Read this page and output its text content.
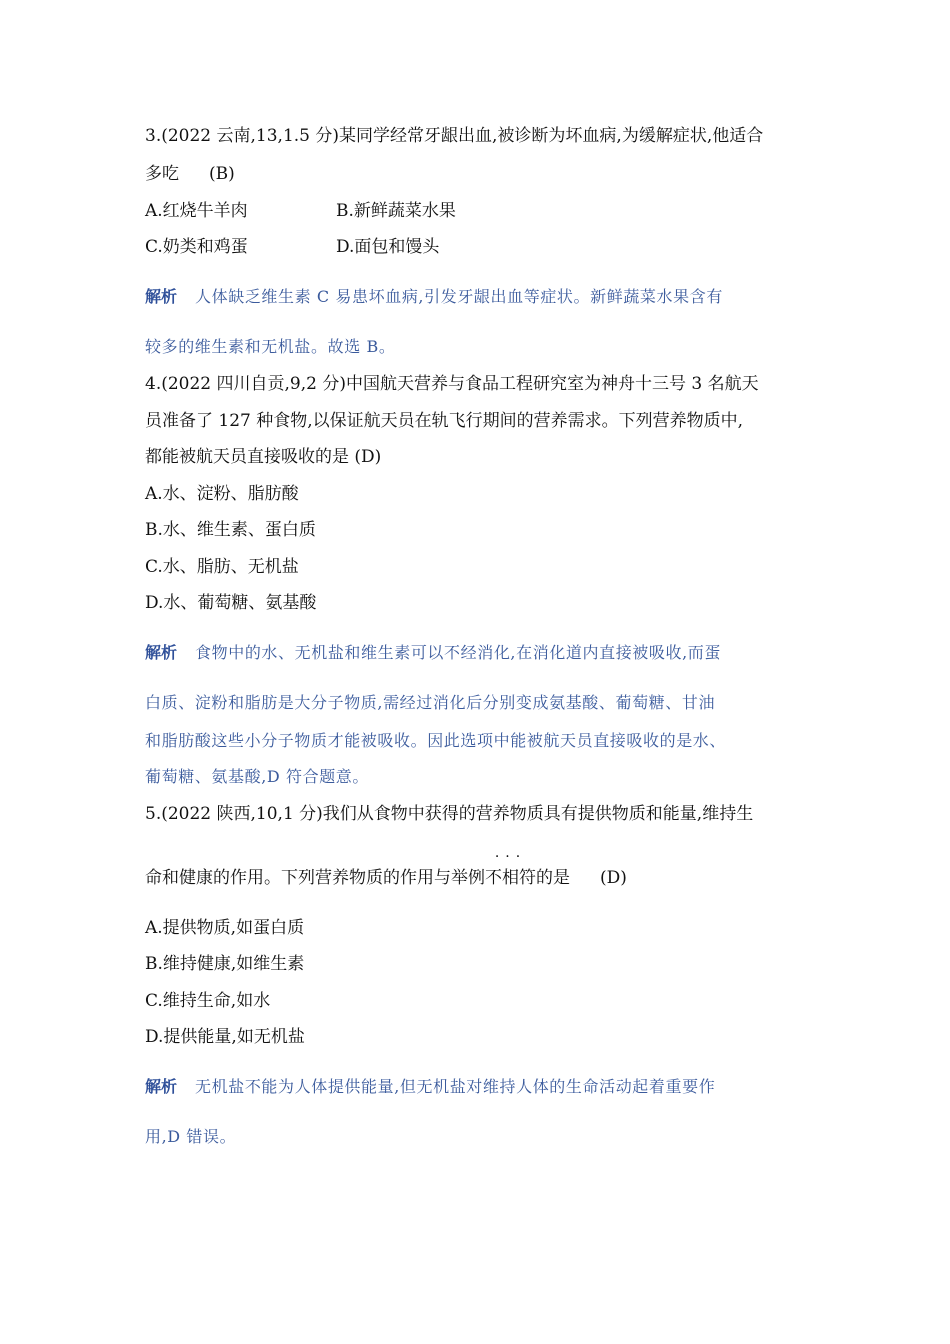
3.(2022 云南,13,1.5 分)某同学经常牙龈出血,被诊断为坏血病,为缓解症状,他适合
多吃 (B)
A.红烧牛羊肉	B.新鲜蔬菜水果
C.奶类和鸡蛋	D.面包和馒头
解析 人体缺乏维生素 C 易患坏血病,引发牙龈出血等症状。新鲜蔬菜水果含有
较多的维生素和无机盐。故选 B。
4.(2022 四川自贡,9,2 分)中国航天营养与食品工程研究室为神舟十三号 3 名航天
员准备了 127 种食物,以保证航天员在轨飞行期间的营养需求。下列营养物质中,
都能被航天员直接吸收的是 (D)
A.水、淀粉、脂肪酸
B.水、维生素、蛋白质
C.水、脂肪、无机盐
D.水、葡萄糖、氨基酸
解析 食物中的水、无机盐和维生素可以不经消化,在消化道内直接被吸收,而蛋
白质、淀粉和脂肪是大分子物质,需经过消化后分别变成氨基酸、葡萄糖、甘油
和脂肪酸这些小分子物质才能被吸收。因此选项中能被航天员直接吸收的是水、
葡萄糖、氨基酸,D 符合题意。
5.(2022 陕西,10,1 分)我们从食物中获得的营养物质具有提供物质和能量,维持生
命和健康的作用。下列营养物质的作用与举例
···
不相符的是 (D)
A.提供物质,如蛋白质
B.维持健康,如维生素
C.维持生命,如水
D.提供能量,如无机盐
解析 无机盐不能为人体提供能量,但无机盐对维持人体的生命活动起着重要作
用,D 错误。
